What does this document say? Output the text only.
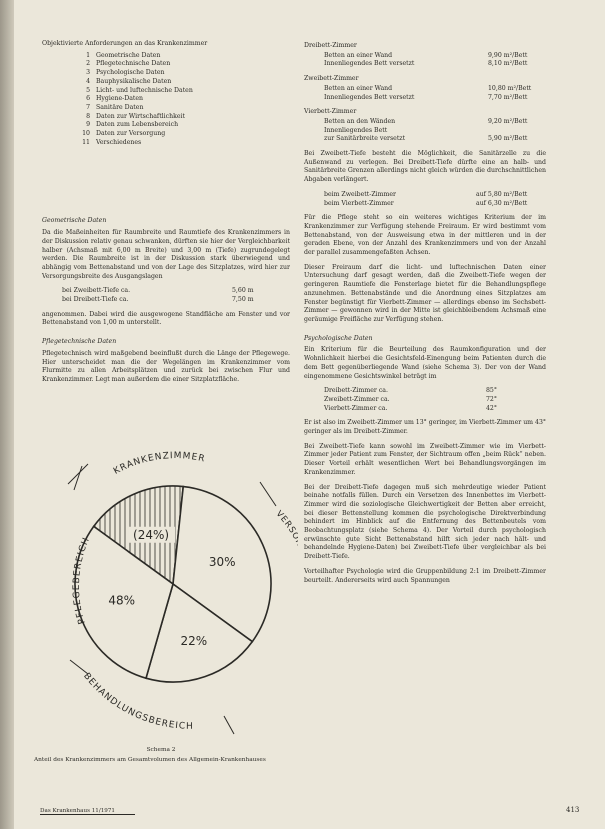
Objektivierte Anforderungen an das Krankenzimmer
1 Geometrische Daten
2 Pflegetechnische Daten
3 Psychologische Daten
4 Bauphysikalische Daten
5 Licht- und luftechnische Daten
6 Hygiene-Daten
7 Sanitäre Daten
8 Daten zur Wirtschaftlichkeit
9 Daten zum Lebensbereich
10 Daten zur Versorgung
11 Verschiedenes
Geometrische Daten

Da die Maßeinheiten für Raumbreite und Raumtiefe des Krankenzimmers in der Diskussion relativ genau schwanken, dürften sie hier der Vergleichbarkeit halber (Achsmaß mit 6,00 m Breite) und 3,00 m (Tiefe) zugrundegelegt werden. Die Raumbreite ist in der Diskussion stark überwiegend und abhängig vom Bettenabstand und von der Lage des Sitzplatzes, wird hier zur Versorgungsbreite des Ausgangslagen

bei Zweibett-Tiefe ca.	5,60 m
bei Dreibett-Tiefe ca.	7,50 m

angenommen. Dabei wird die ausgewogene Standfläche am Fenster und vor Bettenabstand von 1,00 m unterstellt.

Pflegetechnische Daten

Pflegetechnisch wird maßgebend beeinflußt durch die Länge der Pflegewege. Hier unterscheidet man die der Wegelängen im Krankenzimmer vom Flurmitte zu allen Arbeitsplätzen und zurück bei zwischen Flur und Krankenzimmer. Legt man außerdem die einer Sitzplatzfläche.

(24%)
30%
22%
48%
KRANKENZIMMER
PFLEGEBEREICH
VERS
BEHANDLUNGSBEREICH
Schema 2
Anteil des Krankenzimmers am Gesamtvolumen des Allgemein-Krankenhauses
Dreibett-Zimmer
Betten an einer Wand	9,90 m²/Bett
Innenliegendes Bett versetzt	8,10 m²/Bett
Zweibett-Zimmer
Betten an einer Wand	10,80 m²/Bett
Innenliegendes Bett versetzt	7,70 m²/Bett
Vierbett-Zimmer
Betten an den Wänden	9,20 m²/Bett
Innenliegendes Bett
zur Sanitärbreite versetzt	5,90 m²/Bett

Bei Zweibett-Tiefe besteht die Möglichkeit, die Sanitärzelle zu die Außenwand zu verlegen. Bei Dreibett-Tiefe dürfte eine an halb- und Sanitärbreite Grenzen allerdings nicht gleich würden die durchschnittlichen Abgaben verlängert.

beim Zweibett-Zimmer	auf 5,80 m²/Bett
beim Vierbett-Zimmer	auf 6,30 m²/Bett

Für die Pflege steht so ein weiteres wichtiges Kriterium der im Krankenzimmer zur Verfügung stehende Freiraum. Er wird bestimmt vom Bettenabstand, von der Ausweisung etwa in der mittleren und in der geraden Ebene, von der Anzahl des Krankenzimmers und von der Anzahl der parallel zusammengefaßten Achsen.

Dieser Freiraum darf die licht- und luftechnischen Daten einer Untersuchung darf gesagt werden, daß die Zweibett-Tiefe wegen der geringeren Raumtiefe die Fensterlage bietet für die Behandlungspflege anzunehmen. Bettenabstände und die Anordnung eines Sitzplatzes am Fenster begünstigt für Vierbett-Zimmer — allerdings ebenso im Sechsbett-Zimmer — gewonnen wird in der Mitte ist gleichbleibendem Achsmaß eine geräumige Freifläche zur Verfügung stehen.

Psychologische Daten

Ein Kriterium für die Beurteilung des Raumkonfiguration und der Wohnlichkeit hierbei die Gesichtsfeld-Einengung beim Patienten durch die dem Bett gegenüberliegende Wand (siehe Schema 3). Der von der Wand eingenommene Gesichtswinkel beträgt im

Dreibett-Zimmer ca.	85°
Zweibett-Zimmer ca.	72°
Vierbett-Zimmer ca.	42°

Er ist also im Zweibett-Zimmer um 13° geringer, im Vierbett-Zimmer um 43° geringer als im Dreibett-Zimmer.

Bei Zweibett-Tiefe kann sowohl im Zweibett-Zimmer wie im Vierbett-Zimmer jeder Patient zum Fenster, der Sichtraum offen „beim Rück“ neben. Dieser Vorteil erhält wesentlichen Wert bei Behandlungsvorgängen im Krankenzimmer.

Bei der Dreibett-Tiefe dagegen muß sich mehrdeutige wieder Patient beinahe notfalls füllen. Durch ein Versetzen des Innenbettes im Vierbett-Zimmer wird die soziologische Gleichwertigkeit der Betten aber erreicht, bei dieser Bettenstellung kommen die psychologische Direktverbindung behindert im Hinblick auf die Entfernung des Bettenbeutels vom Beobachtungsplatz (siehe Schema 4). Der Vorteil durch psychologisch erwünschte gute Sicht Bettenabstand hilft sich jeder nach hält- und behandelnde Hygiene-Daten) bei Zweibett-Tiefe über vergleichbar als bei Dreibett-Tiefe.

Vorteilhafter Psychologie wird die Gruppenbildung 2:1 im Dreibett-Zimmer beurteilt. Andererseits wird auch Spannungen

Das Krankenhaus 11/1971	413
